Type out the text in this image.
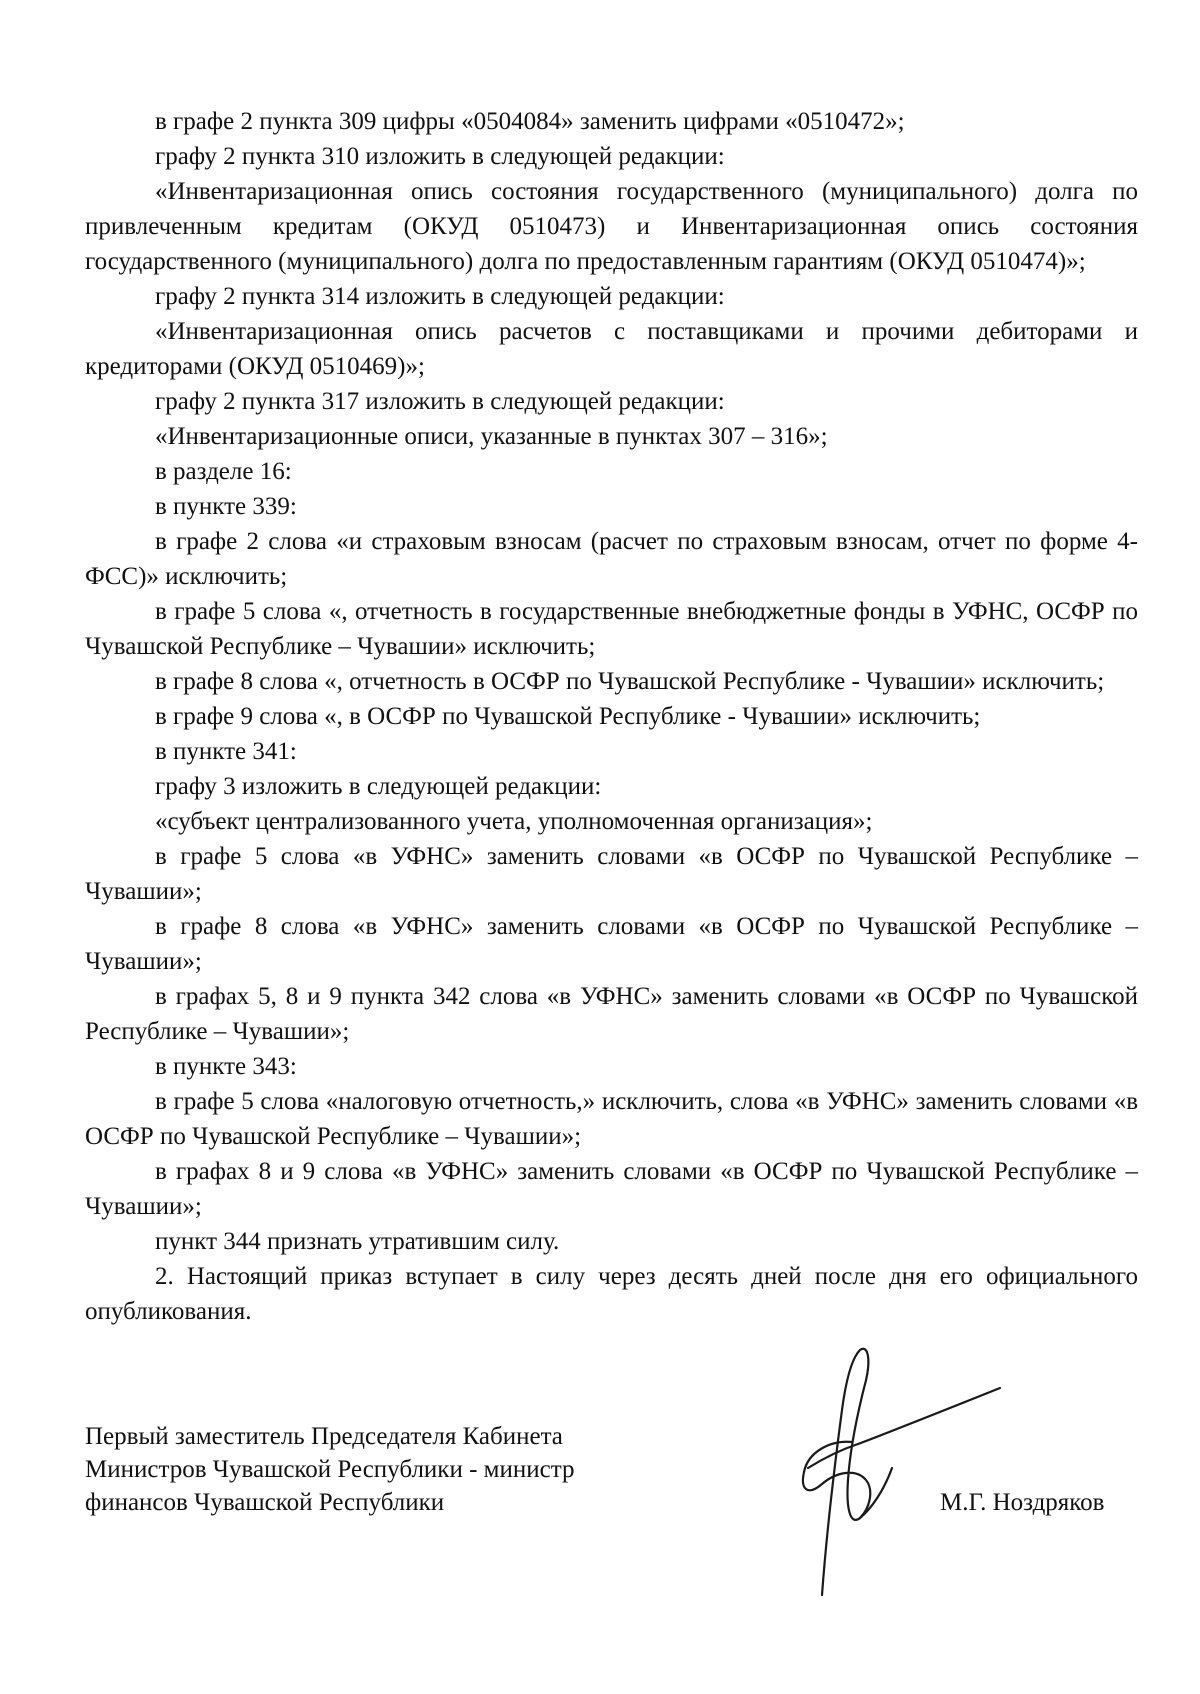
в графе 2 пункта 309 цифры «0504084» заменить цифрами «0510472»;

графу 2 пункта 310 изложить в следующей редакции:

«Инвентаризационная опись состояния государственного (муниципального) долга по привлеченным кредитам (ОКУД 0510473) и Инвентаризационная опись состояния государственного (муниципального) долга по предоставленным гарантиям (ОКУД 0510474)»;

графу 2 пункта 314 изложить в следующей редакции:

«Инвентаризационная опись расчетов с поставщиками и прочими дебиторами и кредиторами (ОКУД 0510469)»;

графу 2 пункта 317 изложить в следующей редакции:

«Инвентаризационные описи, указанные в пунктах 307 – 316»;

в разделе 16:

в пункте 339:

в графе 2 слова «и страховым взносам (расчет по страховым взносам, отчет по форме 4-ФСС)» исключить;

в графе 5 слова «, отчетность в государственные внебюджетные фонды в УФНС, ОСФР по Чувашской Республике – Чувашии» исключить;

в графе 8 слова «, отчетность в ОСФР по Чувашской Республике - Чувашии» исключить;

в графе 9 слова «, в ОСФР по Чувашской Республике - Чувашии» исключить;

в пункте 341:

графу 3 изложить в следующей редакции:

«субъект централизованного учета, уполномоченная организация»;

в графе 5 слова «в УФНС» заменить словами «в ОСФР по Чувашской Республике – Чувашии»;

в графе 8 слова «в УФНС» заменить словами «в ОСФР по Чувашской Республике – Чувашии»;

в графах 5, 8 и 9 пункта 342 слова «в УФНС» заменить словами «в ОСФР по Чувашской Республике – Чувашии»;

в пункте 343:

в графе 5 слова «налоговую отчетность,» исключить, слова «в УФНС» заменить словами «в ОСФР по Чувашской Республике – Чувашии»;

в графах 8 и 9 слова «в УФНС» заменить словами «в ОСФР по Чувашской Республике – Чувашии»;

пункт 344 признать утратившим силу.

2. Настоящий приказ вступает в силу через десять дней после дня его официального опубликования.

Первый заместитель Председателя Кабинета
Министров Чувашской Республики - министр
финансов Чувашской Республики	М.Г. Ноздряков
